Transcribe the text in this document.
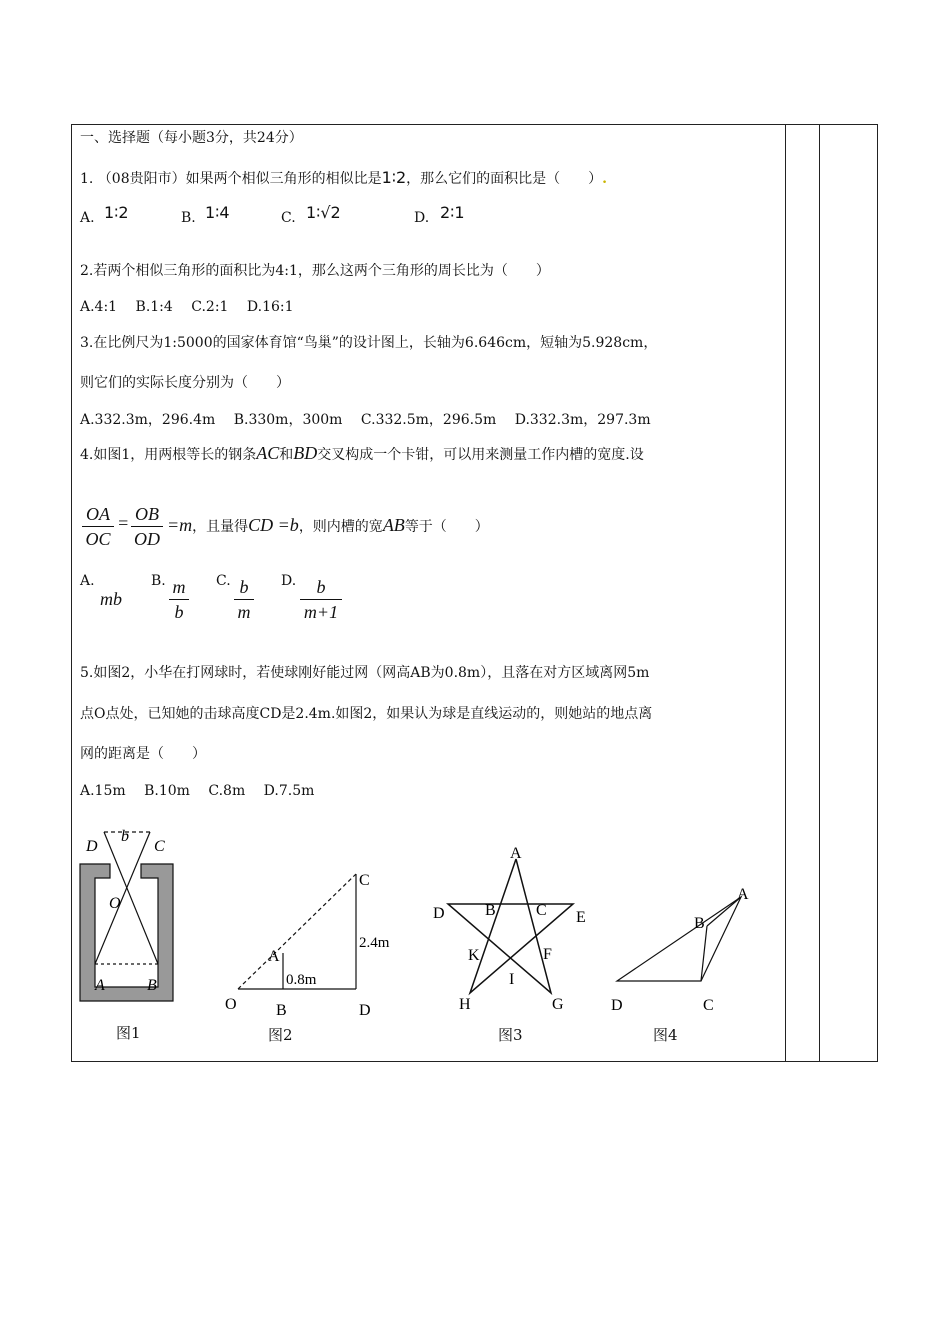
一、选择题（每小题3分，共24分）
1. （08贵阳市）如果两个相似三角形的相似比是1∶2，那么它们的面积比是（　　）.
A. 1∶2	B. 1∶4	C. 1∶√2	D. 2∶1
2.若两个相似三角形的面积比为4:1，那么这两个三角形的周长比为（　　）
A.4:1　 B.1:4　 C.2:1　 D.16:1
3.在比例尺为1:5000的国家体育馆“鸟巢”的设计图上，长轴为6.646cm，短轴为5.928cm，
则它们的实际长度分别为（　　）
A.332.3m，296.4m　 B.330m，300m　 C.332.5m，296.5m　 D.332.3m，297.3m
4.如图1，用两根等长的钢条AC和BD交叉构成一个卡钳，可以用来测量工作内槽的宽度.设
OA
OC
= OB
OD
=m，且量得CD =b，则内槽的宽AB等于（　　）
A.
mb
B. m
b
C. b
m
D.	b
m+1
5.如图2，小华在打网球时，若使球刚好能过网（网高AB为0.8m），且落在对方区域离网5m
点O点处，已知她的击球高度CD是2.4m.如图2，如果认为球是直线运动的，则她站的地点离
网的距离是（　　）
A.15m　 B.10m　 C.8m　 D.7.5m
D
b
C
O
A	B
C
A
O B	D
0.8m
2.4m
A
B	C
D	E
K	F
I
H	G
A
B
D	C
图1	图2	图3	图4
